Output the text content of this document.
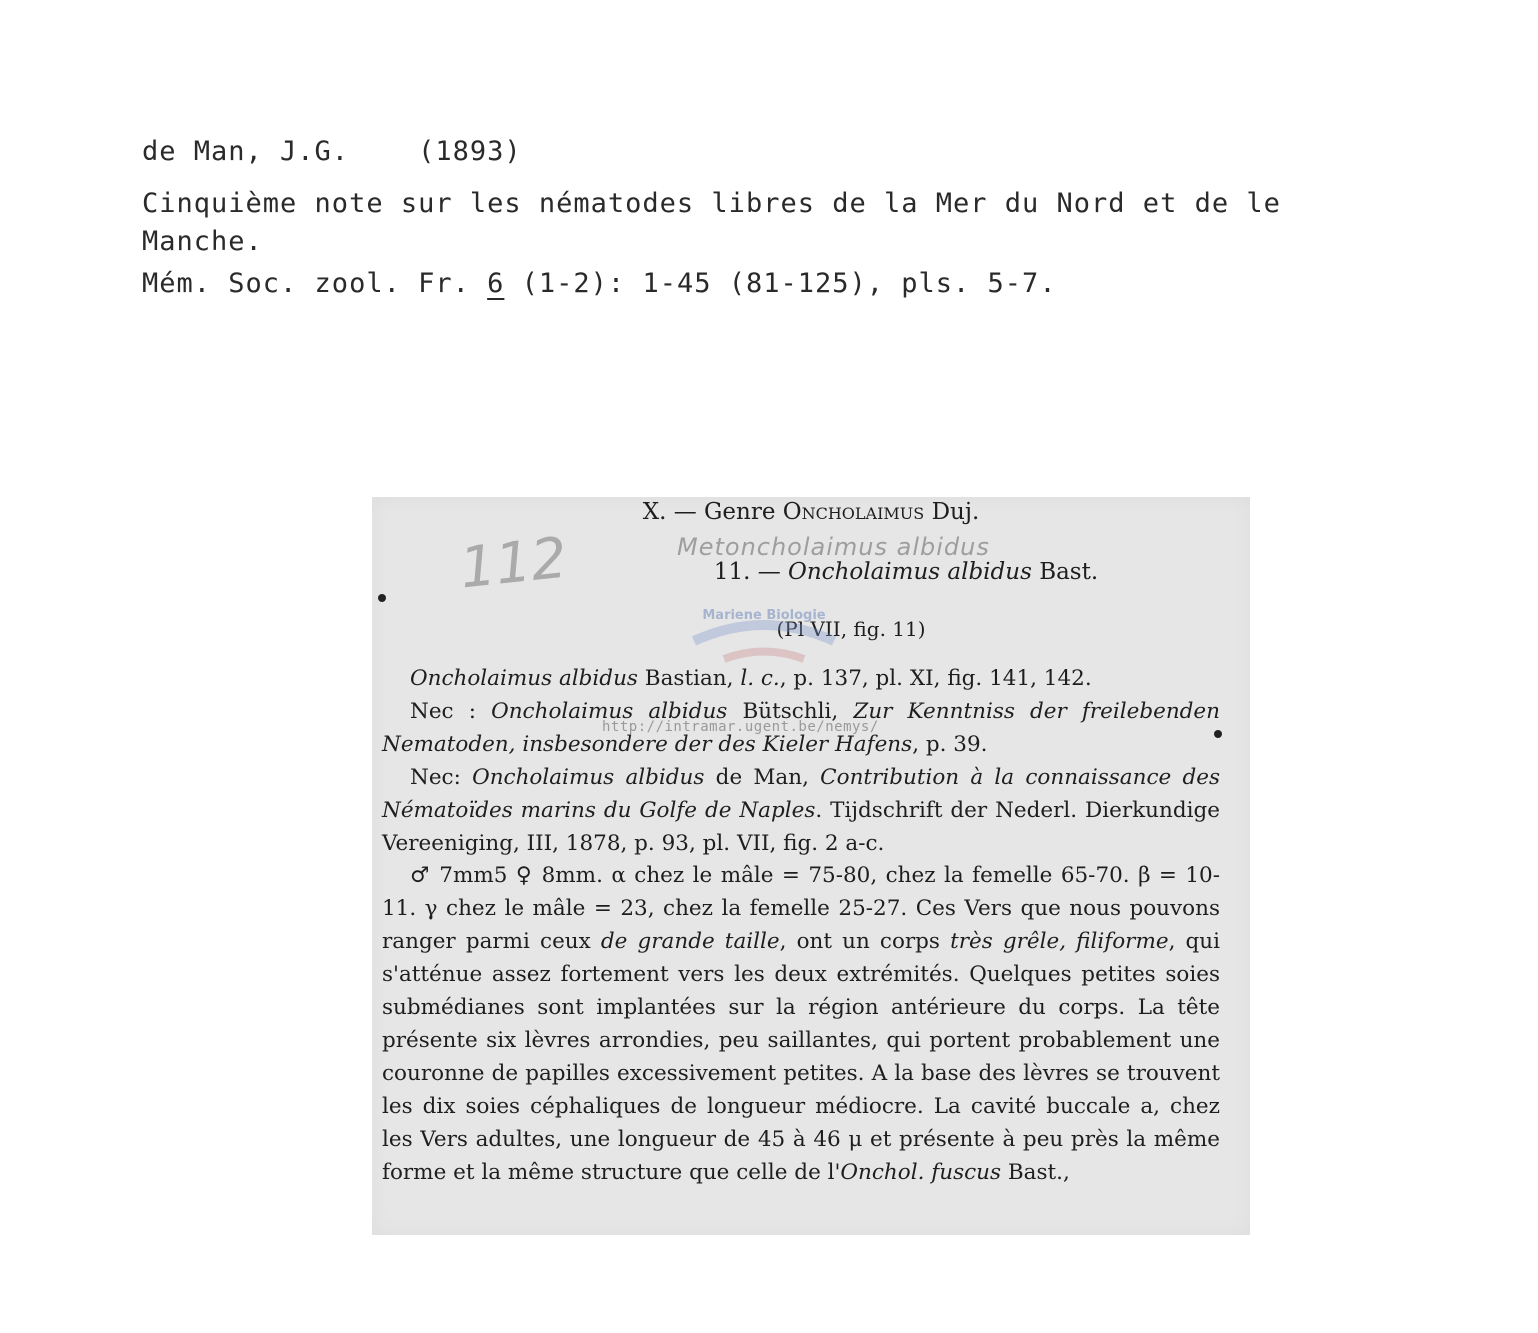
de Man, J.G.	(1893)
Cinquième note sur les nématodes libres de la Mer du Nord et de le
Manche.
Mém. Soc. zool. Fr. 6 (1-2): 1-45 (81-125), pls. 5-7.
112	Metoncholaimus albidus
X. — Genre Oncholaimus Duj.
11. — Oncholaimus albidus Bast.
(Pl VII, fig. 11)
Mariene Biologie
http://intramar.ugent.be/nemys/

Oncholaimus albidus Bastian, l. c., p. 137, pl. XI, fig. 141, 142.

Nec : Oncholaimus albidus Bütschli, Zur Kenntniss der freilebenden Nematoden, insbesondere der des Kieler Hafens, p. 39.

Nec: Oncholaimus albidus de Man, Contribution à la connaissance des Nématoïdes marins du Golfe de Naples. Tijdschrift der Nederl. Dierkundige Vereeniging, III, 1878, p. 93, pl. VII, fig. 2 a-c.

♂ 7mm5 ♀ 8mm. α chez le mâle = 75-80, chez la femelle 65-70. β = 10-11. γ chez le mâle = 23, chez la femelle 25-27. Ces Vers que nous pouvons ranger parmi ceux de grande taille, ont un corps très grêle, filiforme, qui s'atténue assez fortement vers les deux extrémités. Quelques petites soies submédianes sont implantées sur la région antérieure du corps. La tête présente six lèvres arrondies, peu saillantes, qui portent probablement une couronne de papilles excessivement petites. A la base des lèvres se trouvent les dix soies céphaliques de longueur médiocre. La cavité buccale a, chez les Vers adultes, une longueur de 45 à 46 μ et présente à peu près la même forme et la même structure que celle de l'Onchol. fuscus Bast.,
